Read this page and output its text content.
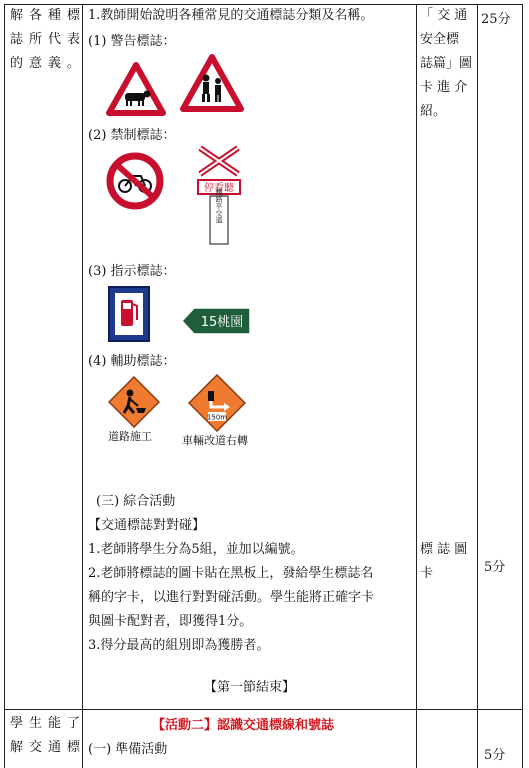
解各種標
誌所代表
的意義。
1.教師開始說明各種常見的交通標誌分類及名稱。
(1) 警告標誌：
(2) 禁制標誌：
停看聽
鐵路平交道
(3) 指示標誌：
15桃園
(4) 輔助標誌：
道路施工
150m
車輛改道右轉
(三) 綜合活動
【交通標誌對對碰】
1.老師將學生分為5組，並加以編號。
2.老師將標誌的圖卡貼在黑板上，發給學生標誌名
稱的字卡，以進行對對碰活動。學生能將正確字卡
與圖卡配對者，即獲得1分。
3.得分最高的組別即為獲勝者。
【第一節結束】
「 交 通
安全標
誌篇」圖
卡 進 介
紹。
標 誌 圖
卡
25分
5分
學生能了
解交通標
【活動二】認識交通標線和號誌
(一) 準備活動	5分
